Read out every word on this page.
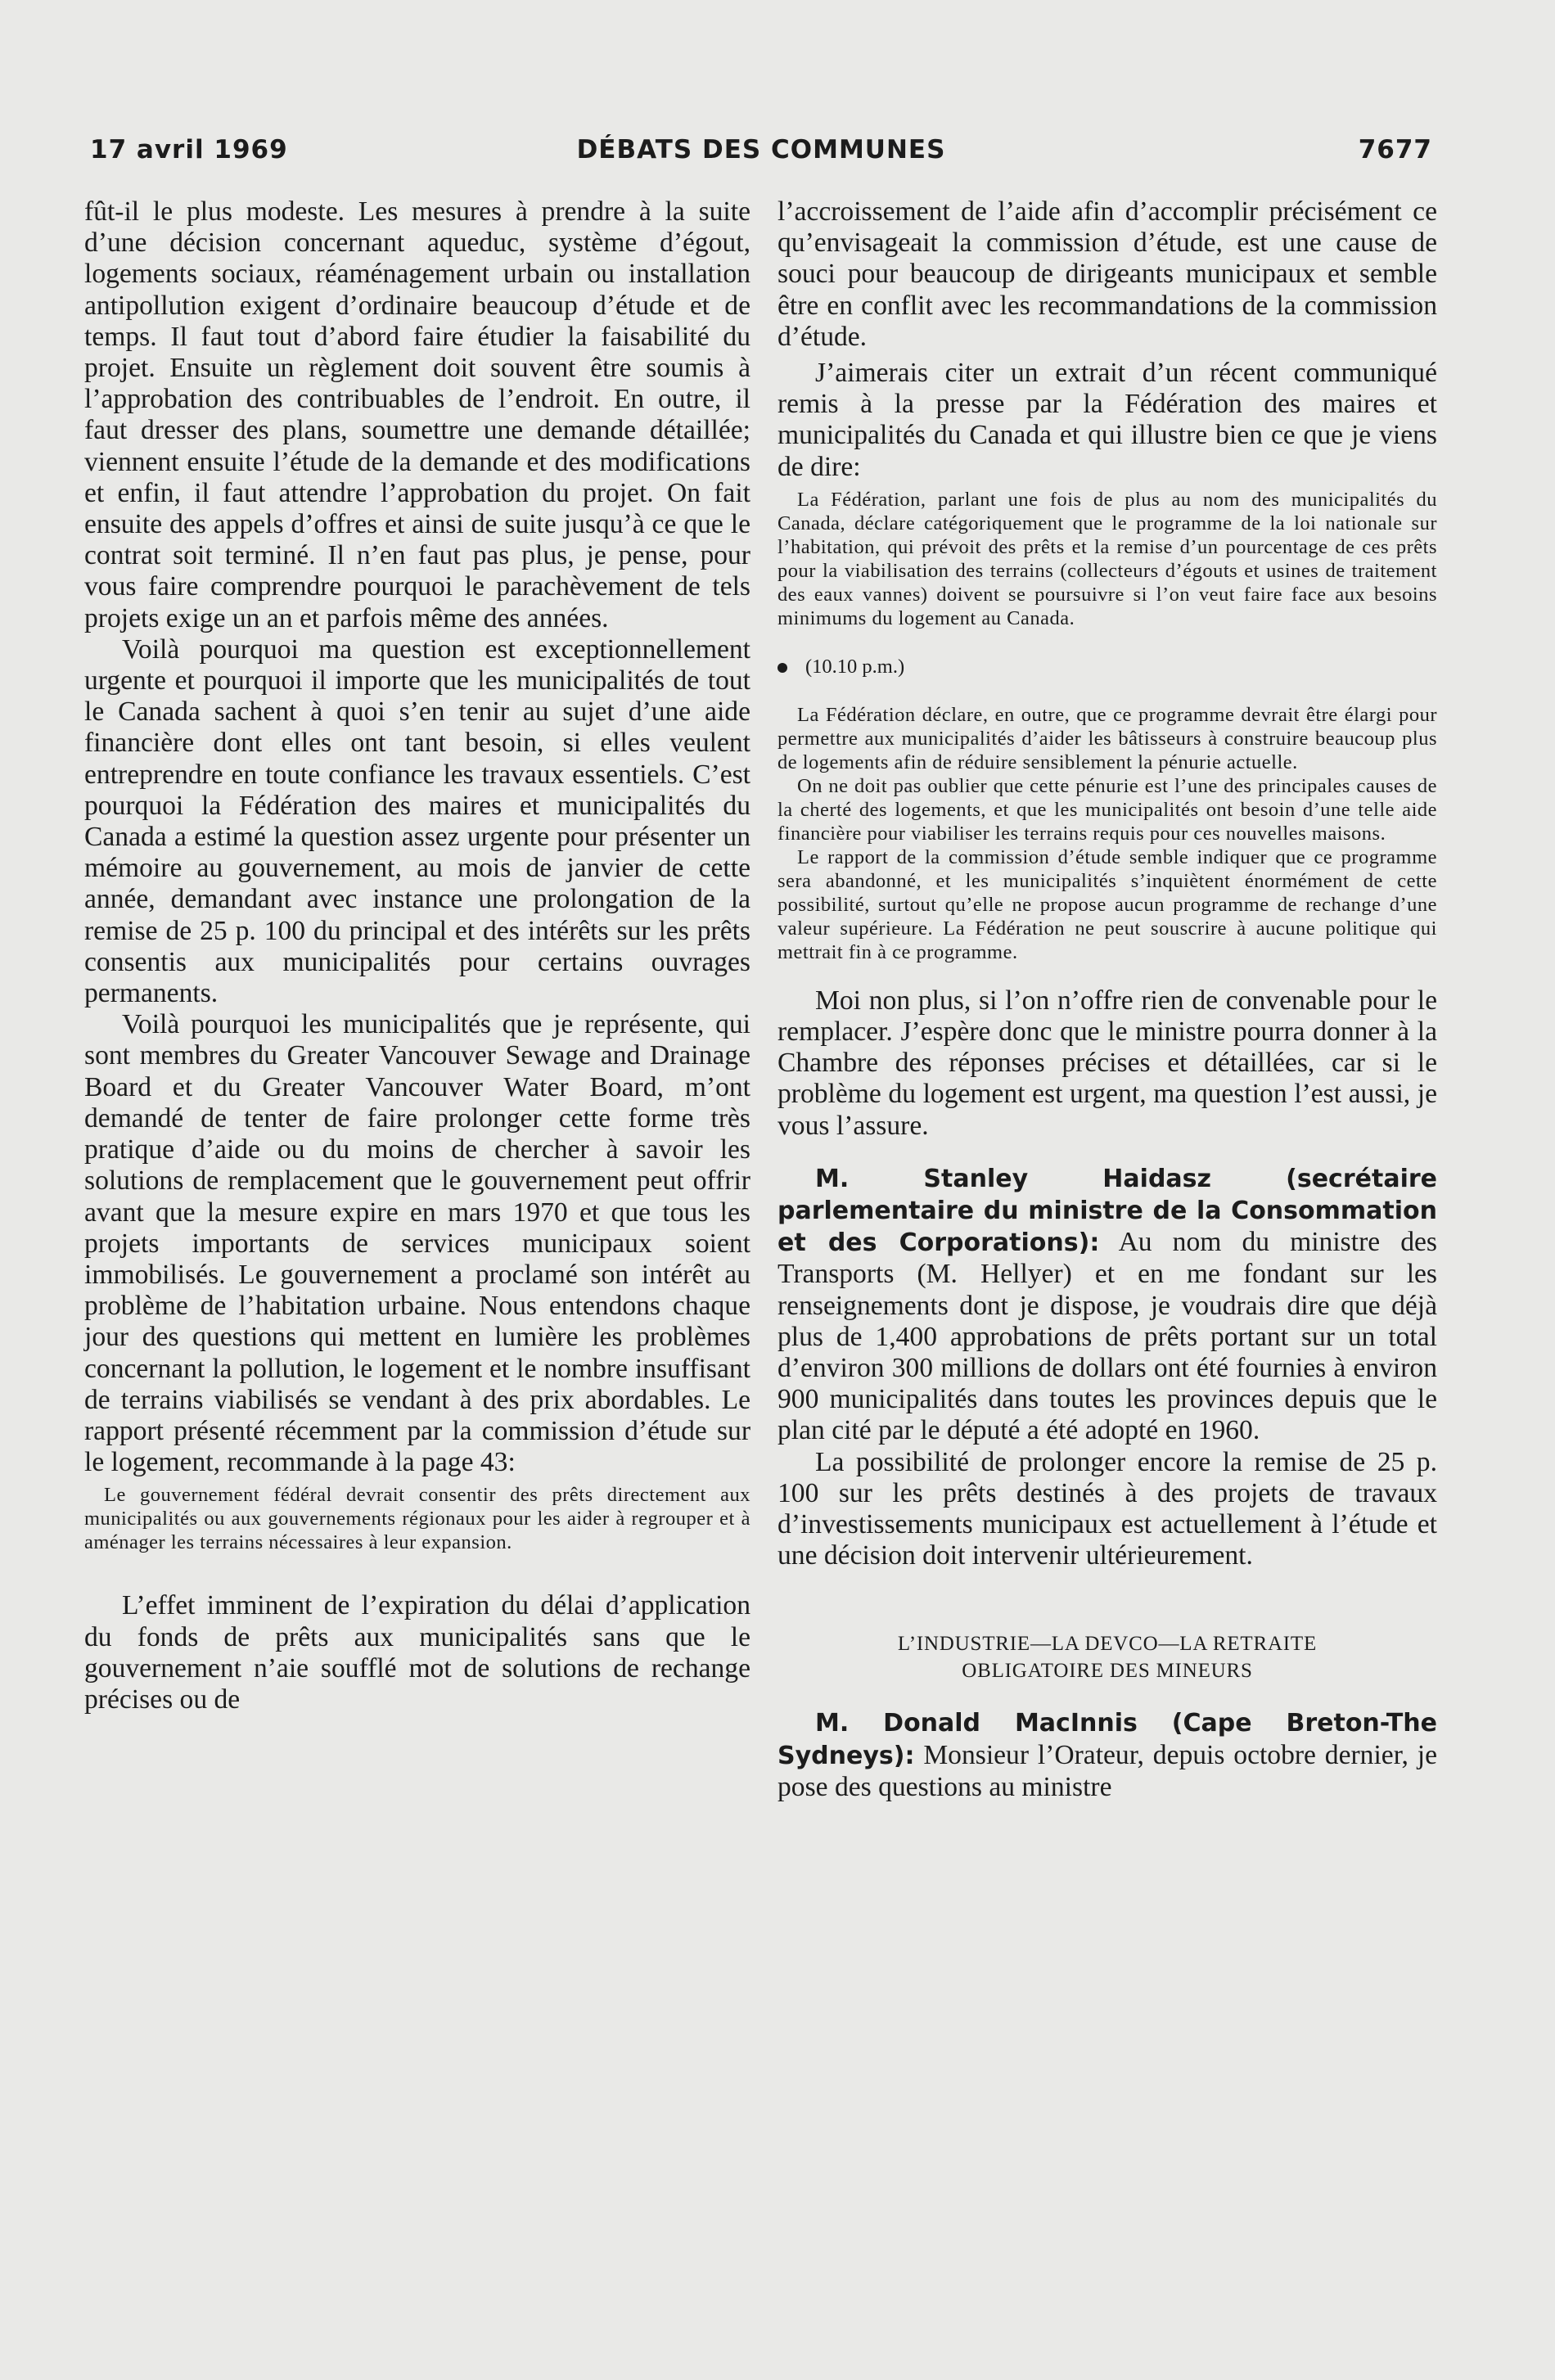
17 avril 1969	DÉBATS DES COMMUNES	7677

fût-il le plus modeste. Les mesures à prendre à la suite d’une décision concernant aqueduc, système d’égout, logements sociaux, réaménagement urbain ou installation antipollution exigent d’ordinaire beaucoup d’étude et de temps. Il faut tout d’abord faire étudier la faisabilité du projet. Ensuite un règlement doit souvent être soumis à l’approbation des contribuables de l’endroit. En outre, il faut dresser des plans, soumettre une demande détaillée; viennent ensuite l’étude de la demande et des modifications et enfin, il faut attendre l’approbation du projet. On fait ensuite des appels d’offres et ainsi de suite jusqu’à ce que le contrat soit terminé. Il n’en faut pas plus, je pense, pour vous faire comprendre pourquoi le parachèvement de tels projets exige un an et parfois même des années.

Voilà pourquoi ma question est exceptionnellement urgente et pourquoi il importe que les municipalités de tout le Canada sachent à quoi s’en tenir au sujet d’une aide financière dont elles ont tant besoin, si elles veulent entreprendre en toute confiance les travaux essentiels. C’est pourquoi la Fédération des maires et municipalités du Canada a estimé la question assez urgente pour présenter un mémoire au gouvernement, au mois de janvier de cette année, demandant avec instance une prolongation de la remise de 25 p. 100 du principal et des intérêts sur les prêts consentis aux municipalités pour certains ouvrages permanents.

Voilà pourquoi les municipalités que je représente, qui sont membres du Greater Vancouver Sewage and Drainage Board et du Greater Vancouver Water Board, m’ont demandé de tenter de faire prolonger cette forme très pratique d’aide ou du moins de chercher à savoir les solutions de remplacement que le gouvernement peut offrir avant que la mesure expire en mars 1970 et que tous les projets importants de services municipaux soient immobilisés. Le gouvernement a proclamé son intérêt au problème de l’habitation urbaine. Nous entendons chaque jour des questions qui mettent en lumière les problèmes concernant la pollution, le logement et le nombre insuffisant de terrains viabilisés se vendant à des prix abordables. Le rapport présenté récemment par la commission d’étude sur le logement, recommande à la page 43:

Le gouvernement fédéral devrait consentir des prêts directement aux municipalités ou aux gouvernements régionaux pour les aider à regrouper et à aménager les terrains nécessaires à leur expansion.

L’effet imminent de l’expiration du délai d’application du fonds de prêts aux municipalités sans que le gouvernement n’aie soufflé mot de solutions de rechange précises ou de

l’accroissement de l’aide afin d’accomplir précisément ce qu’envisageait la commission d’étude, est une cause de souci pour beaucoup de dirigeants municipaux et semble être en conflit avec les recommandations de la commission d’étude.

J’aimerais citer un extrait d’un récent communiqué remis à la presse par la Fédération des maires et municipalités du Canada et qui illustre bien ce que je viens de dire:

La Fédération, parlant une fois de plus au nom des municipalités du Canada, déclare catégoriquement que le programme de la loi nationale sur l’habitation, qui prévoit des prêts et la remise d’un pourcentage de ces prêts pour la viabilisation des terrains (collecteurs d’égouts et usines de traitement des eaux vannes) doivent se poursuivre si l’on veut faire face aux besoins minimums du logement au Canada.

(10.10 p.m.)

La Fédération déclare, en outre, que ce programme devrait être élargi pour permettre aux municipalités d’aider les bâtisseurs à construire beaucoup plus de logements afin de réduire sensiblement la pénurie actuelle.

On ne doit pas oublier que cette pénurie est l’une des principales causes de la cherté des logements, et que les municipalités ont besoin d’une telle aide financière pour viabiliser les terrains requis pour ces nouvelles maisons.

Le rapport de la commission d’étude semble indiquer que ce programme sera abandonné, et les municipalités s’inquiètent énormément de cette possibilité, surtout qu’elle ne propose aucun programme de rechange d’une valeur supérieure. La Fédération ne peut souscrire à aucune politique qui mettrait fin à ce programme.

Moi non plus, si l’on n’offre rien de convenable pour le remplacer. J’espère donc que le ministre pourra donner à la Chambre des réponses précises et détaillées, car si le problème du logement est urgent, ma question l’est aussi, je vous l’assure.

M. Stanley Haidasz (secrétaire parlementaire du ministre de la Consommation et des Corporations): Au nom du ministre des Transports (M. Hellyer) et en me fondant sur les renseignements dont je dispose, je voudrais dire que déjà plus de 1,400 approbations de prêts portant sur un total d’environ 300 millions de dollars ont été fournies à environ 900 municipalités dans toutes les provinces depuis que le plan cité par le député a été adopté en 1960.

La possibilité de prolonger encore la remise de 25 p. 100 sur les prêts destinés à des projets de travaux d’investissements municipaux est actuellement à l’étude et une décision doit intervenir ultérieurement.

L’INDUSTRIE—LA DEVCO—LA RETRAITE
OBLIGATOIRE DES MINEURS

M. Donald MacInnis (Cape Breton-The Sydneys): Monsieur l’Orateur, depuis octobre dernier, je pose des questions au ministre
